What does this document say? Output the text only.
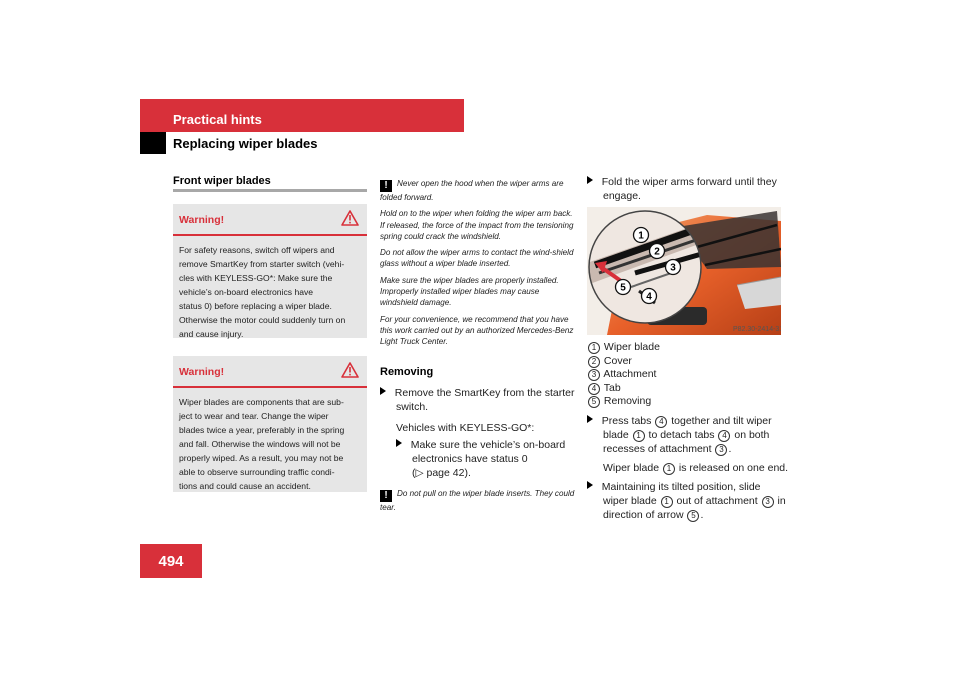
Practical hints
Replacing wiper blades
Front wiper blades
Warning!
For safety reasons, switch off wipers and
remove SmartKey from starter switch (vehi-
cles with KEYLESS-GO*: Make sure the
vehicle’s on-board electronics have
status 0) before replacing a wiper blade.
Otherwise the motor could suddenly turn on
and cause injury.
Warning!
Wiper blades are components that are sub-
ject to wear and tear. Change the wiper
blades twice a year, preferably in the spring
and fall. Otherwise the windows will not be
properly wiped. As a result, you may not be
able to observe surrounding traffic condi-
tions and could cause an accident.

! Never open the hood when the wiper arms are folded forward.

Hold on to the wiper when folding the wiper arm back. If released, the force of the impact from the tensioning spring could crack the windshield.

Do not allow the wiper arms to contact the wind-shield glass without a wiper blade inserted.

Make sure the wiper blades are properly installed. Improperly installed wiper blades may cause windshield damage.

For your convenience, we recommend that you have this work carried out by an authorized Mercedes-Benz Light Truck Center.

Removing
Remove the SmartKey from the starter
switch.
Vehicles with KEYLESS-GO*:
Make sure the vehicle’s on-board
electronics have status 0
(▷ page 42).
! Do not pull on the wiper blade inserts. They could tear.
Fold the wiper arms forward until they
engage.
1
2
3
4
5
P82.30-2414-31
1 Wiper blade
2 Cover
3 Attachment
4 Tab
5 Removing
Press tabs 4 together and tilt wiper
blade 1 to detach tabs 4 on both
recesses of attachment 3 .
Wiper blade 1 is released on one end.
Maintaining its tilted position, slide
wiper blade 1 out of attachment 3 in
direction of arrow 5 .
494
